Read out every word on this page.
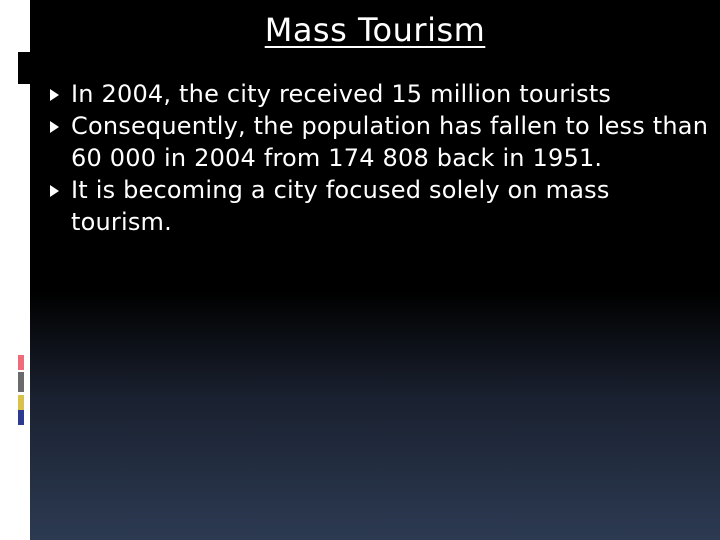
Mass Tourism
In 2004, the city received 15 million tourists
Consequently, the population has fallen to less than 60 000 in 2004 from 174 808 back in 1951.
It is becoming a city focused solely on mass tourism.
